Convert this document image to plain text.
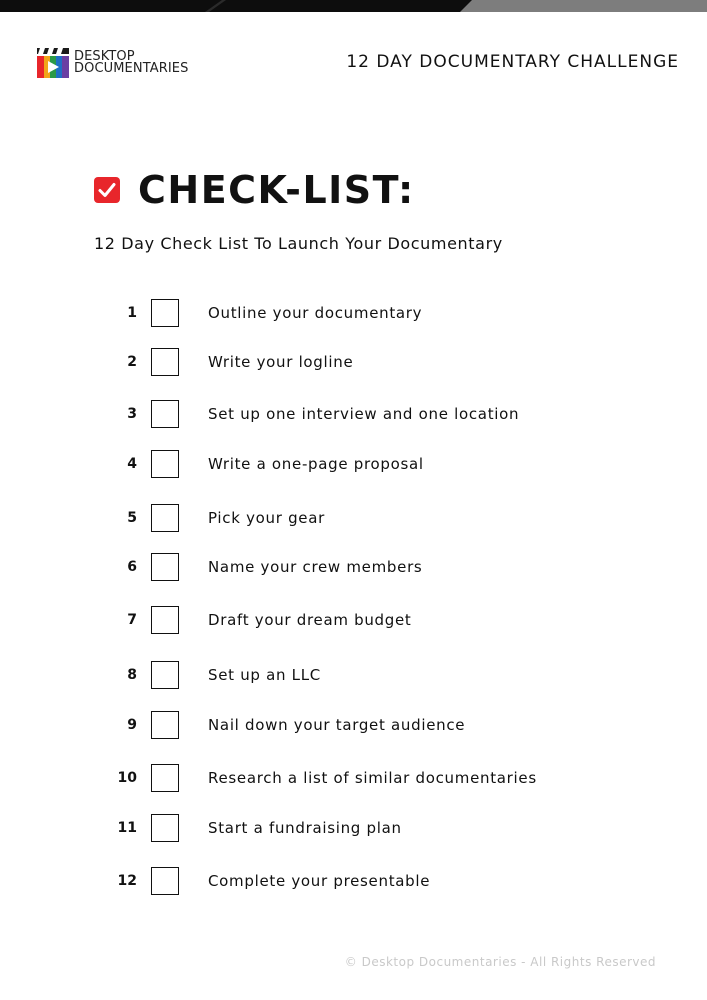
DESKTOP
DOCUMENTARIES	12 DAY DOCUMENTARY CHALLENGE
CHECK-LIST:
12 Day Check List To Launch Your Documentary
1	Outline your documentary
2	Write your logline
3	Set up one interview and one location
4	Write a one-page proposal
5	Pick your gear
6	Name your crew members
7	Draft your dream budget
8	Set up an LLC
9	Nail down your target audience
10	Research a list of similar documentaries
11	Start a fundraising plan
12	Complete your presentable
© Desktop Documentaries - All Rights Reserved
